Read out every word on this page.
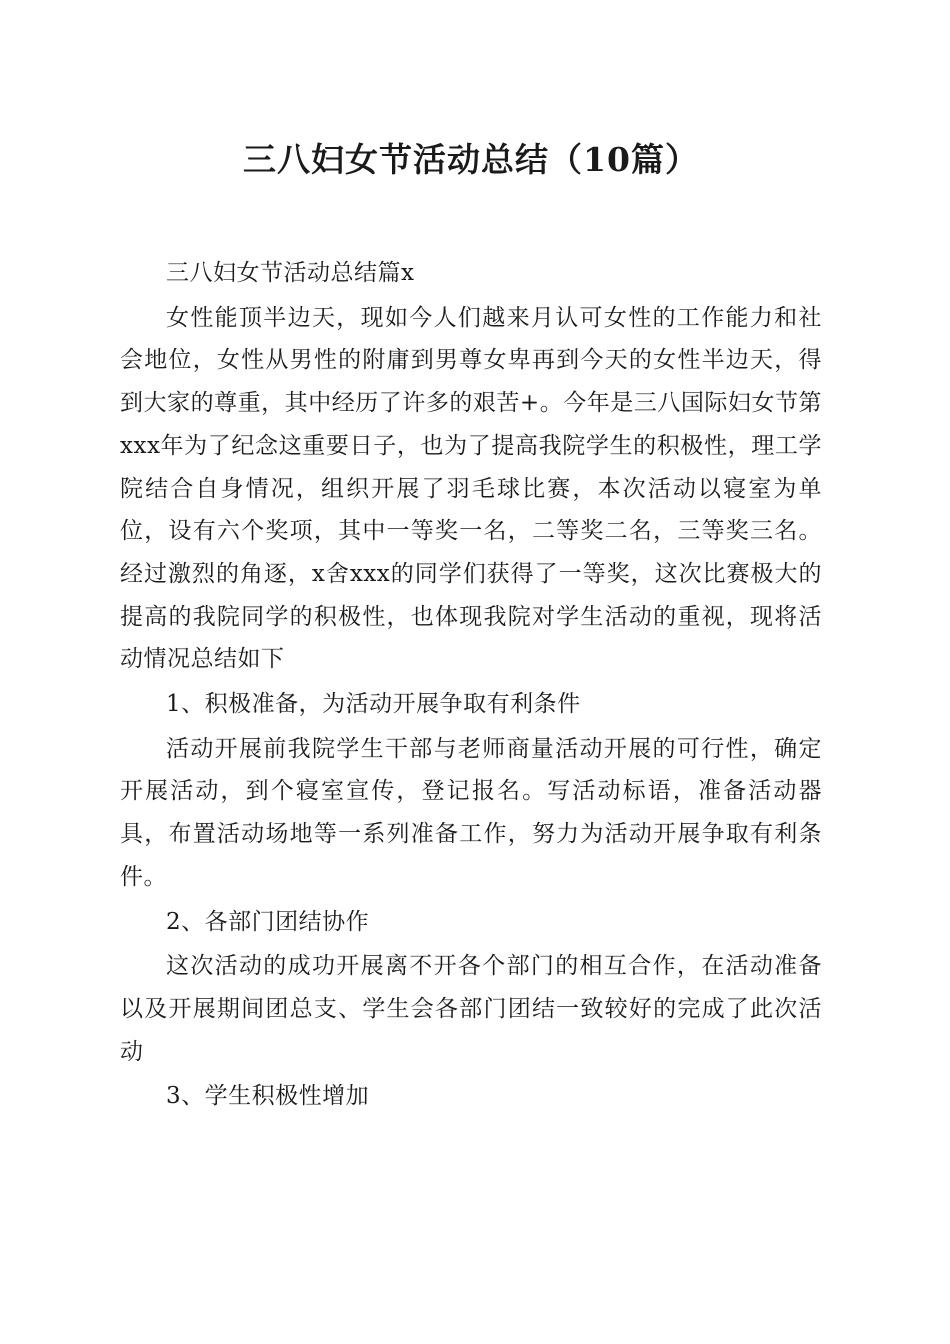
三八妇女节活动总结（10篇）

三八妇女节活动总结篇x

女性能顶半边天，现如今人们越来月认可女性的工作能力和社会地位，女性从男性的附庸到男尊女卑再到今天的女性半边天，得到大家的尊重，其中经历了许多的艰苦+。今年是三八国际妇女节第xxx年为了纪念这重要日子，也为了提高我院学生的积极性，理工学院结合自身情况，组织开展了羽毛球比赛，本次活动以寝室为单位，设有六个奖项，其中一等奖一名，二等奖二名，三等奖三名。经过激烈的角逐，x舍xxx的同学们获得了一等奖，这次比赛极大的提高的我院同学的积极性，也体现我院对学生活动的重视，现将活动情况总结如下

1、积极准备，为活动开展争取有利条件

活动开展前我院学生干部与老师商量活动开展的可行性，确定开展活动，到个寝室宣传，登记报名。写活动标语，准备活动器具，布置活动场地等一系列准备工作，努力为活动开展争取有利条件。

2、各部门团结协作

这次活动的成功开展离不开各个部门的相互合作，在活动准备以及开展期间团总支、学生会各部门团结一致较好的完成了此次活动

3、学生积极性增加
